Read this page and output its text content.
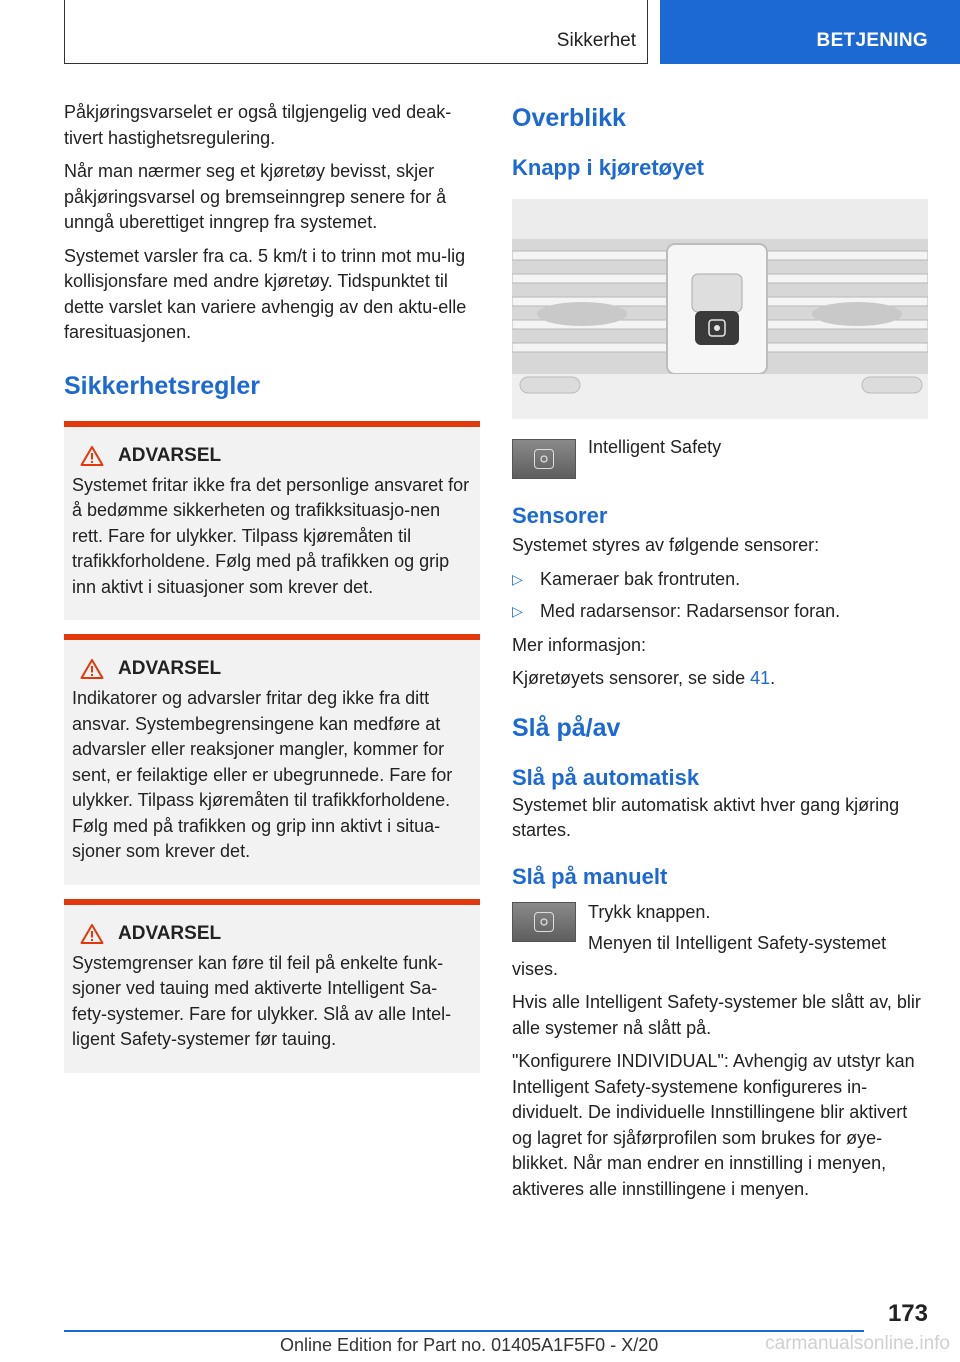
Sikkerhet	BETJENING

Påkjøringsvarselet er også tilgjengelig ved deak-tivert hastighetsregulering.

Når man nærmer seg et kjøretøy bevisst, skjer påkjøringsvarsel og bremseinngrep senere for å unngå uberettiget inngrep fra systemet.

Systemet varsler fra ca. 5 km/t i to trinn mot mu-lig kollisjonsfare med andre kjøretøy. Tidspunktet til dette varslet kan variere avhengig av den aktu-elle faresituasjonen.

Sikkerhetsregler
ADVARSEL

Systemet fritar ikke fra det personlige ansvaret for å bedømme sikkerheten og trafikksituasjo-nen rett. Fare for ulykker. Tilpass kjøremåten til trafikkforholdene. Følg med på trafikken og grip inn aktivt i situasjoner som krever det.

ADVARSEL

Indikatorer og advarsler fritar deg ikke fra ditt ansvar. Systembegrensingene kan medføre at advarsler eller reaksjoner mangler, kommer for sent, er feilaktige eller er ubegrunnede. Fare for ulykker. Tilpass kjøremåten til trafikkforholdene. Følg med på trafikken og grip inn aktivt i situa-sjoner som krever det.

ADVARSEL

Systemgrenser kan føre til feil på enkelte funk-sjoner ved tauing med aktiverte Intelligent Sa-fety-systemer. Fare for ulykker. Slå av alle Intel-ligent Safety-systemer før tauing.

Overblikk
Knapp i kjøretøyet
Intelligent Safety
Sensorer

Systemet styres av følgende sensorer:

▷ Kameraer bak frontruten.
▷ Med radarsensor: Radarsensor foran.

Mer informasjon:

Kjøretøyets sensorer, se side 41.

Slå på/av
Slå på automatisk

Systemet blir automatisk aktivt hver gang kjøring startes.

Slå på manuelt

Trykk knappen.

Menyen til Intelligent Safety-systemet vises.

Hvis alle Intelligent Safety-systemer ble slått av, blir alle systemer nå slått på.

"Konfigurere INDIVIDUAL": Avhengig av utstyr kan Intelligent Safety-systemene konfigureres in-dividuelt. De individuelle Innstillingene blir aktivert og lagret for sjåførprofilen som brukes for øye-blikket. Når man endrer en innstilling i menyen, aktiveres alle innstillingene i menyen.

173
Online Edition for Part no. 01405A1F5F0 - X/20	carmanualsonline.info
